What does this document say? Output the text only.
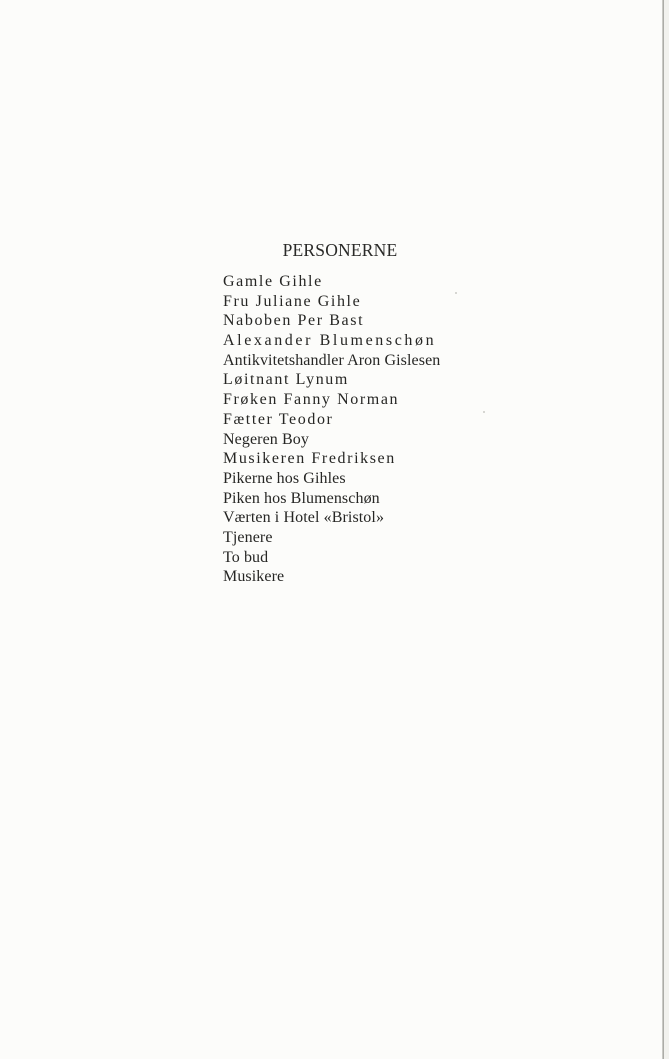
PERSONERNE
Gamle Gihle
Fru Juliane Gihle
Naboben Per Bast
Alexander Blumenschøn
Antikvitetshandler Aron Gislesen
Løitnant Lynum
Frøken Fanny Norman
Fætter Teodor
Negeren Boy
Musikeren Fredriksen
Pikerne hos Gihles
Piken hos Blumenschøn
Værten i Hotel «Bristol»
Tjenere
To bud
Musikere
